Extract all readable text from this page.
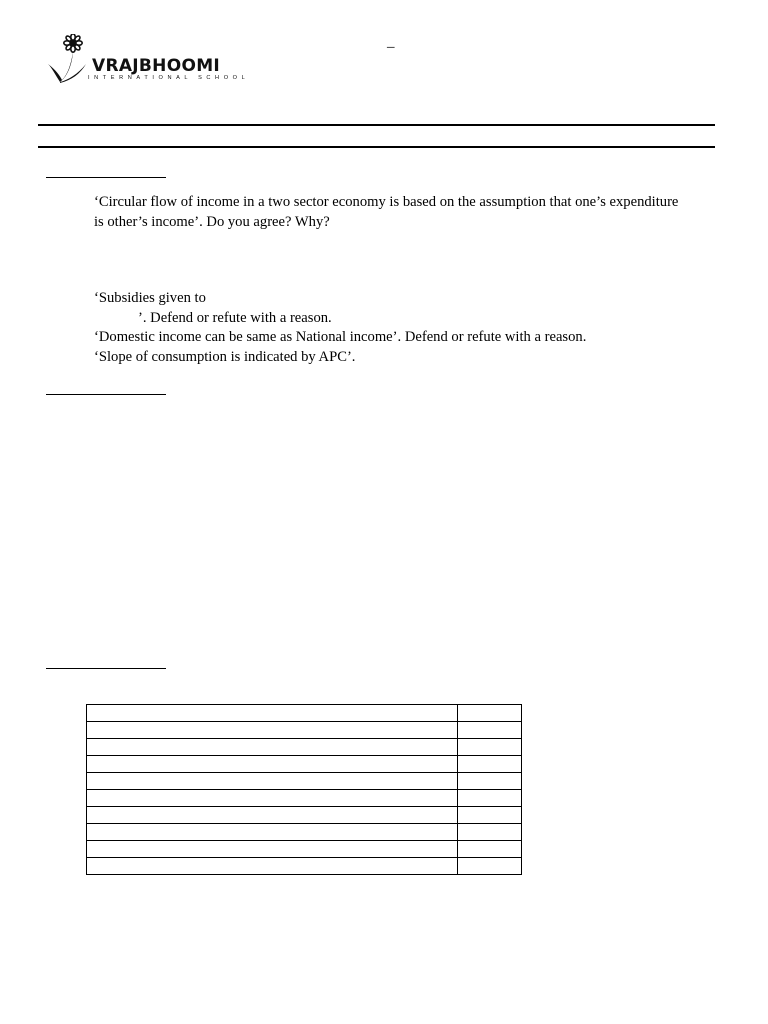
VRAJBHOOMI
INTERNATIONAL SCHOOL
–
‘Circular flow of income in a two sector economy is based on the assumption that one’s expenditure
is other’s income’. Do you agree? Why?
‘Subsidies given to
’. Defend or refute with a reason.
‘Domestic income can be same as National income’. Defend or refute with a reason.
‘Slope of consumption is indicated by APC’.
